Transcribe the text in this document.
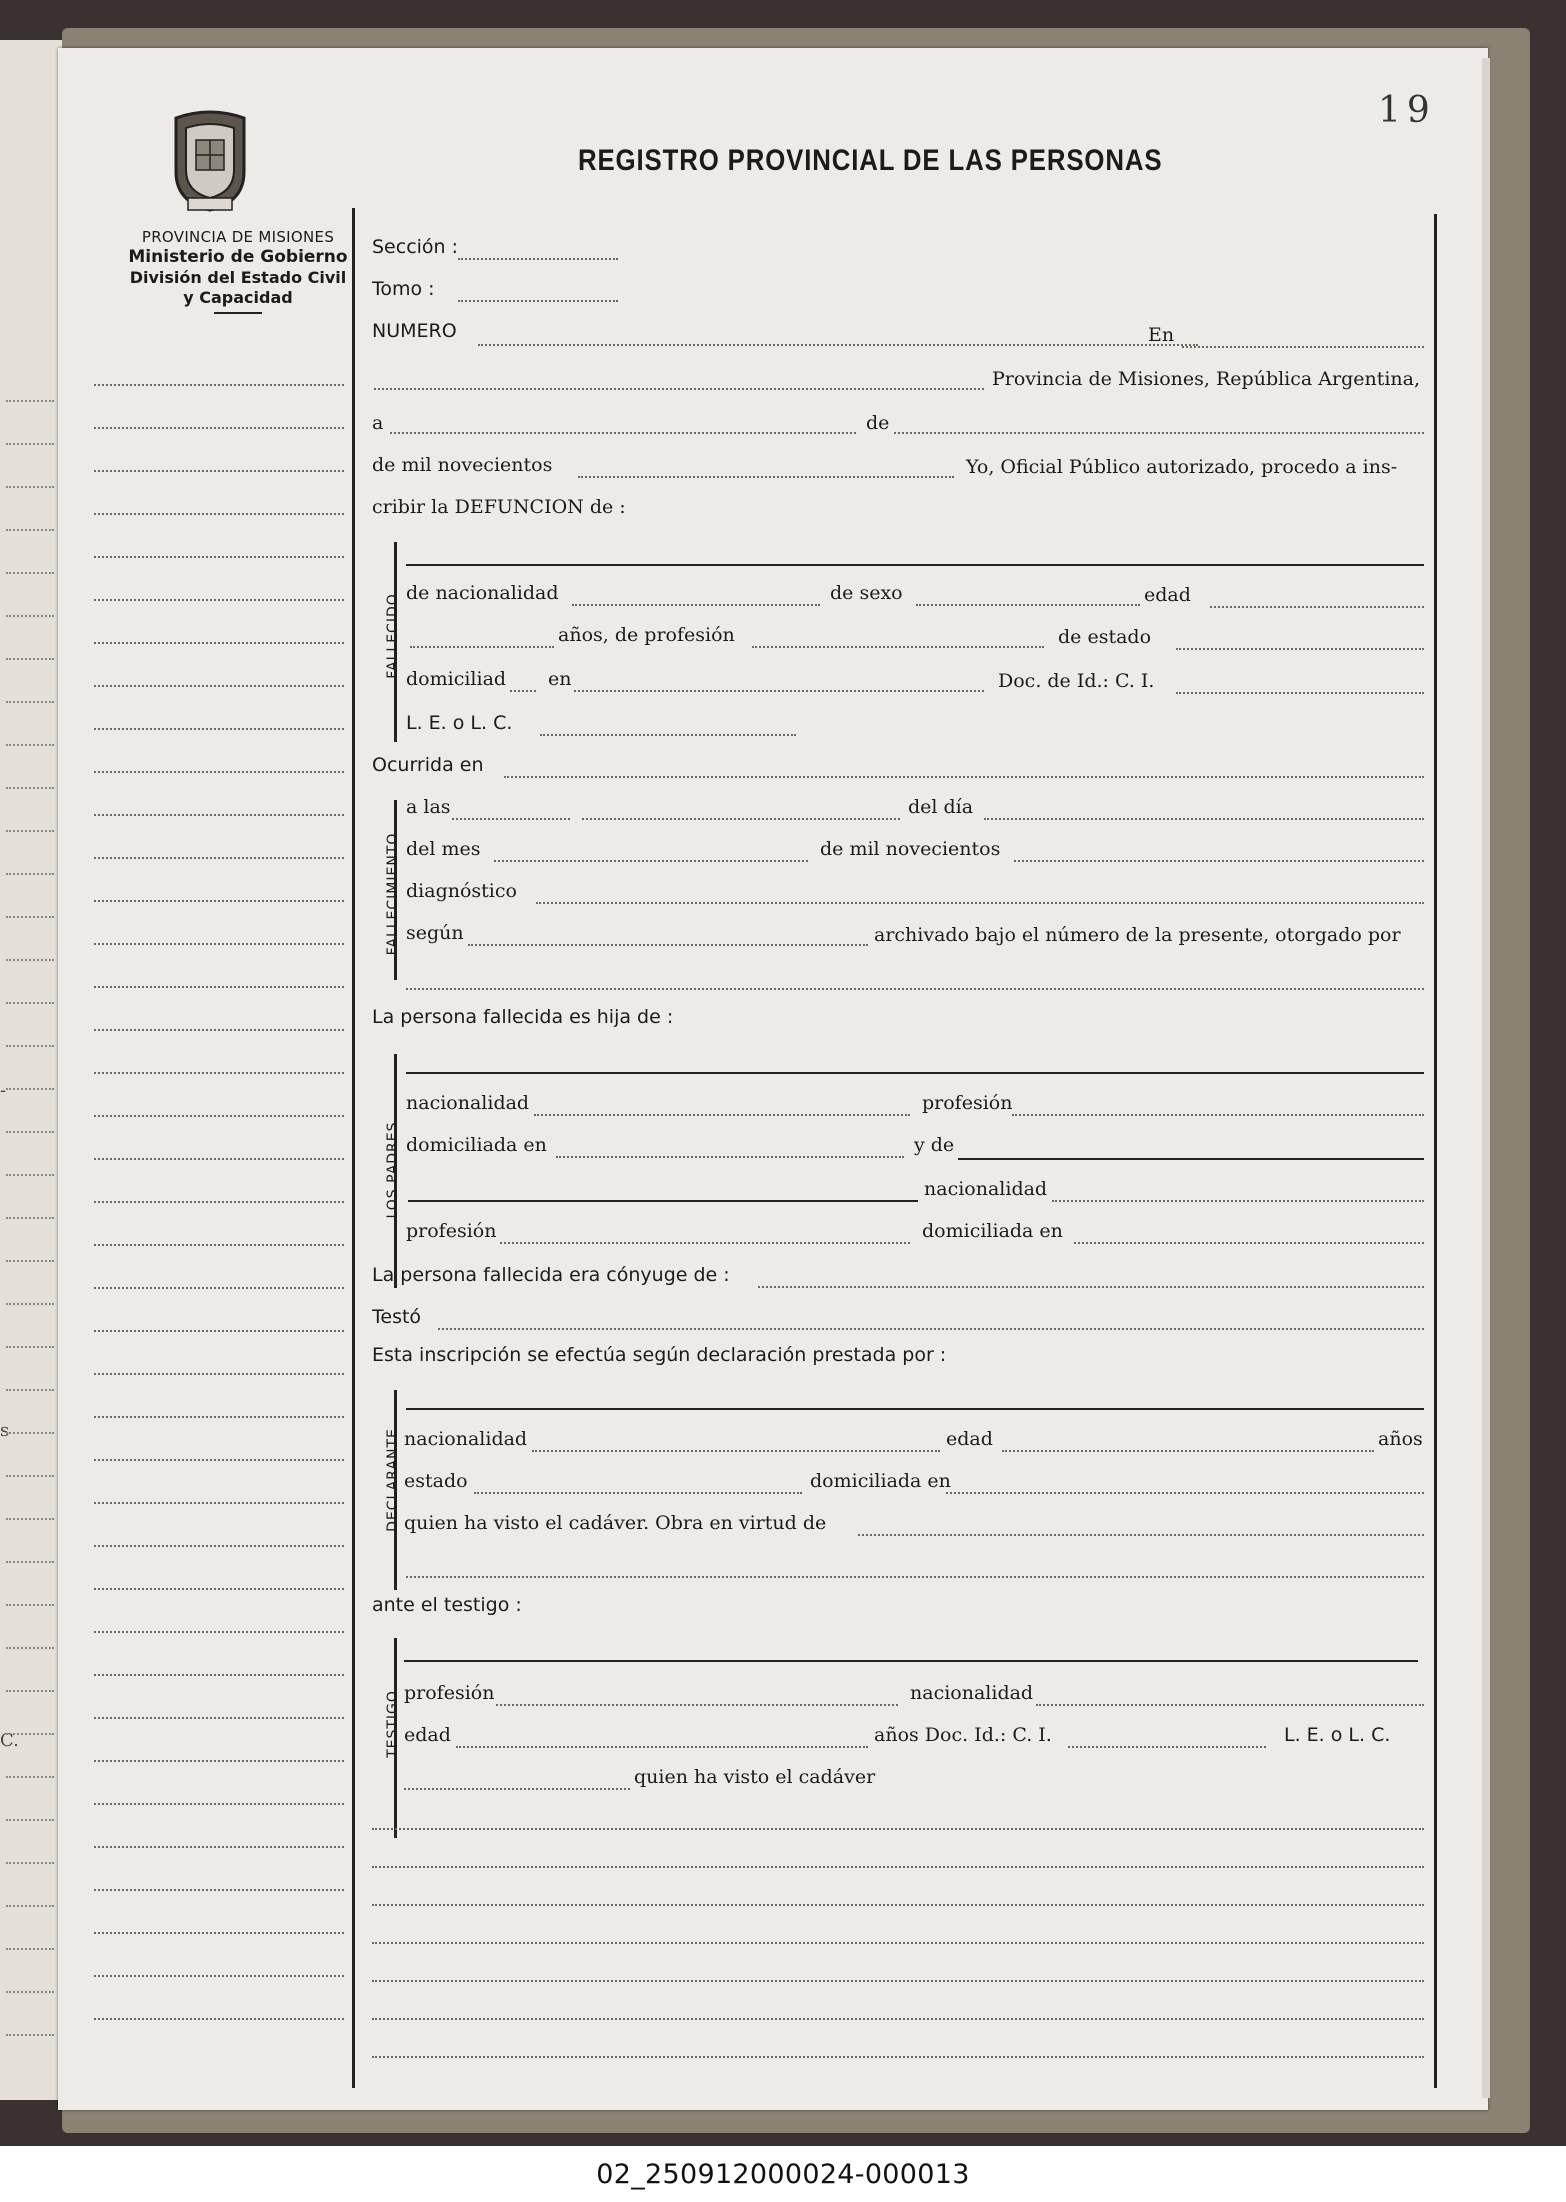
-
s
C.
19
REGISTRO PROVINCIAL DE LAS PERSONAS
PROVINCIA DE MISIONES
Ministerio de Gobierno
División del Estado Civil
y Capacidad
Sección :
Tomo :
NUMERO	En
Provincia de Misiones, República Argentina,
a	de
de mil novecientos	Yo, Oficial Público autorizado, procedo a ins-
cribir la DEFUNCION de :
FALLECIDO
de nacionalidad	de sexo	edad
años, de profesión	de estado
domiciliad en	Doc. de Id.: C. I.
L. E. o L. C.
Ocurrida en
FALLECIMIENTO
a las	del día
del mes	de mil novecientos
diagnóstico
según	archivado bajo el número de la presente, otorgado por
La persona fallecida es hija de :
LOS PADRES
nacionalidad	profesión
domiciliada en	y de
nacionalidad
profesión	domiciliada en
La persona fallecida era cónyuge de :
Testó
Esta inscripción se efectúa según declaración prestada por :
DECLARANTE nacionalidad	edad	años
estado	domiciliada en
quien ha visto el cadáver. Obra en virtud de
ante el testigo :
TESTIGO profesión	nacionalidad
edad	años Doc. Id.: C. I.	L. E. o L. C.
quien ha visto el cadáver
02_250912000024-000013
